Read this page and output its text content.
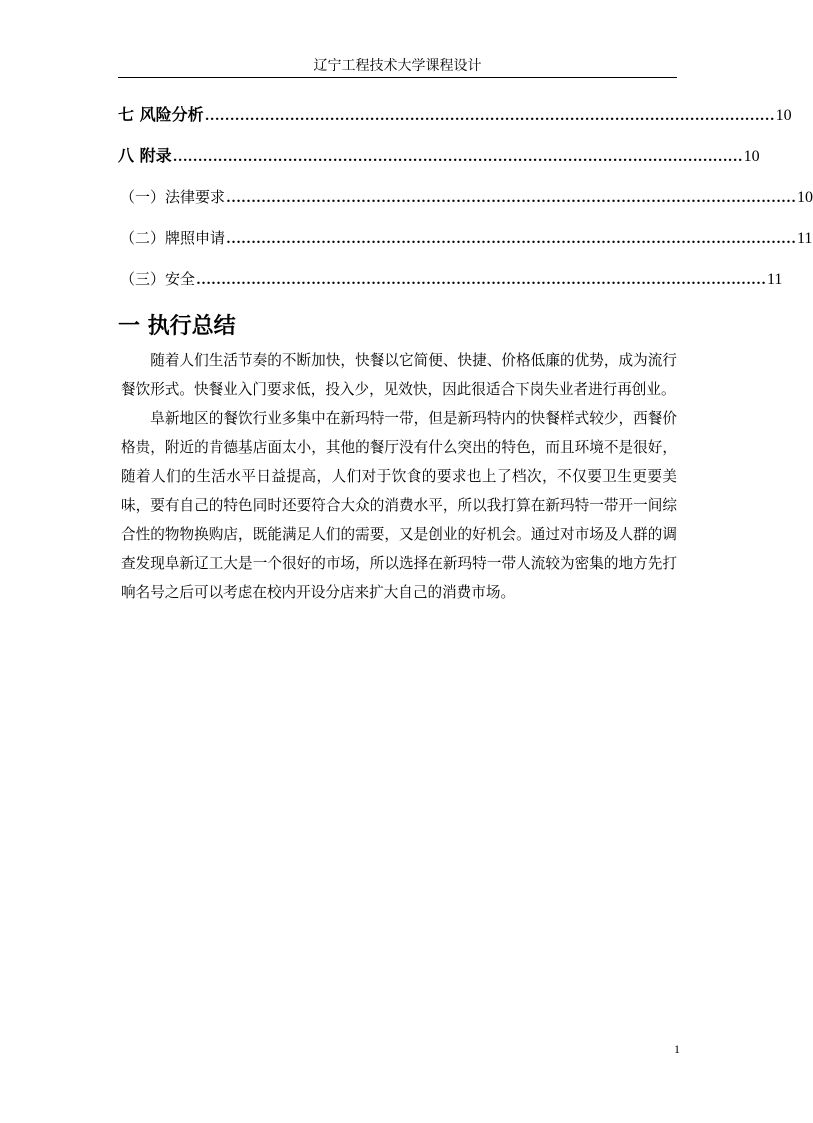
辽宁工程技术大学课程设计
七 风险分析 …………………………………………………………………………………………………… 10
八 附录 …………………………………………………………………………………………………… 10
（一）法律要求 …………………………………………………………………………………………………… 10
（二）牌照申请 …………………………………………………………………………………………………… 11
（三）安全 …………………………………………………………………………………………………… 11
一 执行总结

随着人们生活节奏的不断加快，快餐以它简便、快捷、价格低廉的优势，成为流行餐饮形式。快餐业入门要求低，投入少，见效快，因此很适合下岗失业者进行再创业。

阜新地区的餐饮行业多集中在新玛特一带，但是新玛特内的快餐样式较少，西餐价格贵，附近的肯德基店面太小，其他的餐厅没有什么突出的特色，而且环境不是很好，随着人们的生活水平日益提高，人们对于饮食的要求也上了档次，不仅要卫生更要美味，要有自己的特色同时还要符合大众的消费水平，所以我打算在新玛特一带开一间综合性的物物换购店，既能满足人们的需要，又是创业的好机会。通过对市场及人群的调查发现阜新辽工大是一个很好的市场，所以选择在新玛特一带人流较为密集的地方先打响名号之后可以考虑在校内开设分店来扩大自己的消费市场。

1
